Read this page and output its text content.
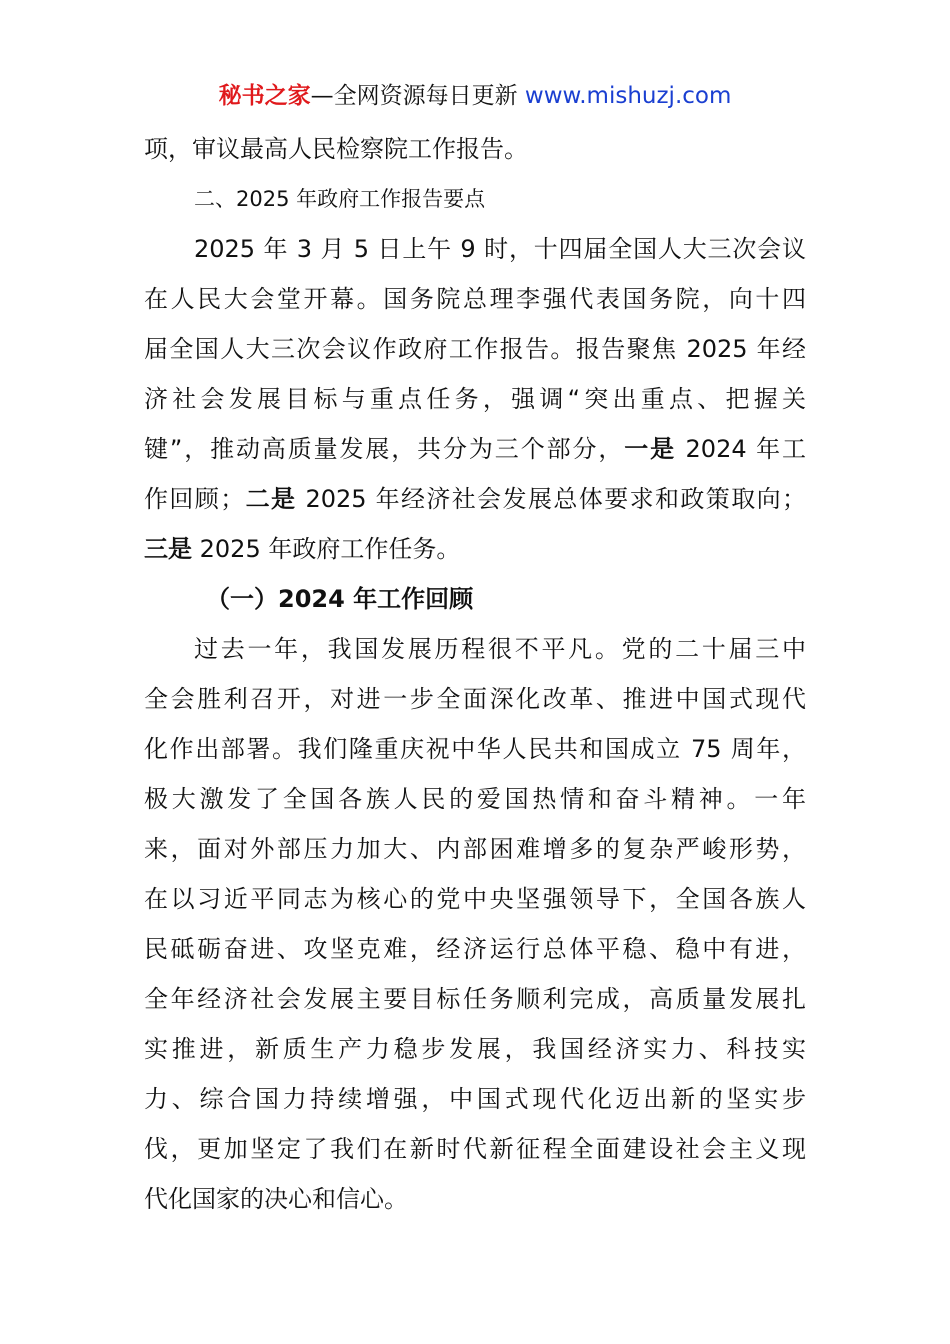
秘书之家—全网资源每日更新 www.mishuzj.com
项，审议最高人民检察院工作报告。
二、2025 年政府工作报告要点
2025 年 3 月 5 日上午 9 时，十四届全国人大三次会议
在人民大会堂开幕。国务院总理李强代表国务院，向十四
届全国人大三次会议作政府工作报告。报告聚焦 2025 年经
济社会发展目标与重点任务，强调“突出重点、把握关
键”，推动高质量发展，共分为三个部分，一是 2024 年工
作回顾；二是 2025 年经济社会发展总体要求和政策取向；
三是 2025 年政府工作任务。
（一）2024 年工作回顾
过去一年，我国发展历程很不平凡。党的二十届三中
全会胜利召开，对进一步全面深化改革、推进中国式现代
化作出部署。我们隆重庆祝中华人民共和国成立 75 周年，
极大激发了全国各族人民的爱国热情和奋斗精神。一年
来，面对外部压力加大、内部困难增多的复杂严峻形势，
在以习近平同志为核心的党中央坚强领导下，全国各族人
民砥砺奋进、攻坚克难，经济运行总体平稳、稳中有进，
全年经济社会发展主要目标任务顺利完成，高质量发展扎
实推进，新质生产力稳步发展，我国经济实力、科技实
力、综合国力持续增强，中国式现代化迈出新的坚实步
伐，更加坚定了我们在新时代新征程全面建设社会主义现
代化国家的决心和信心。
